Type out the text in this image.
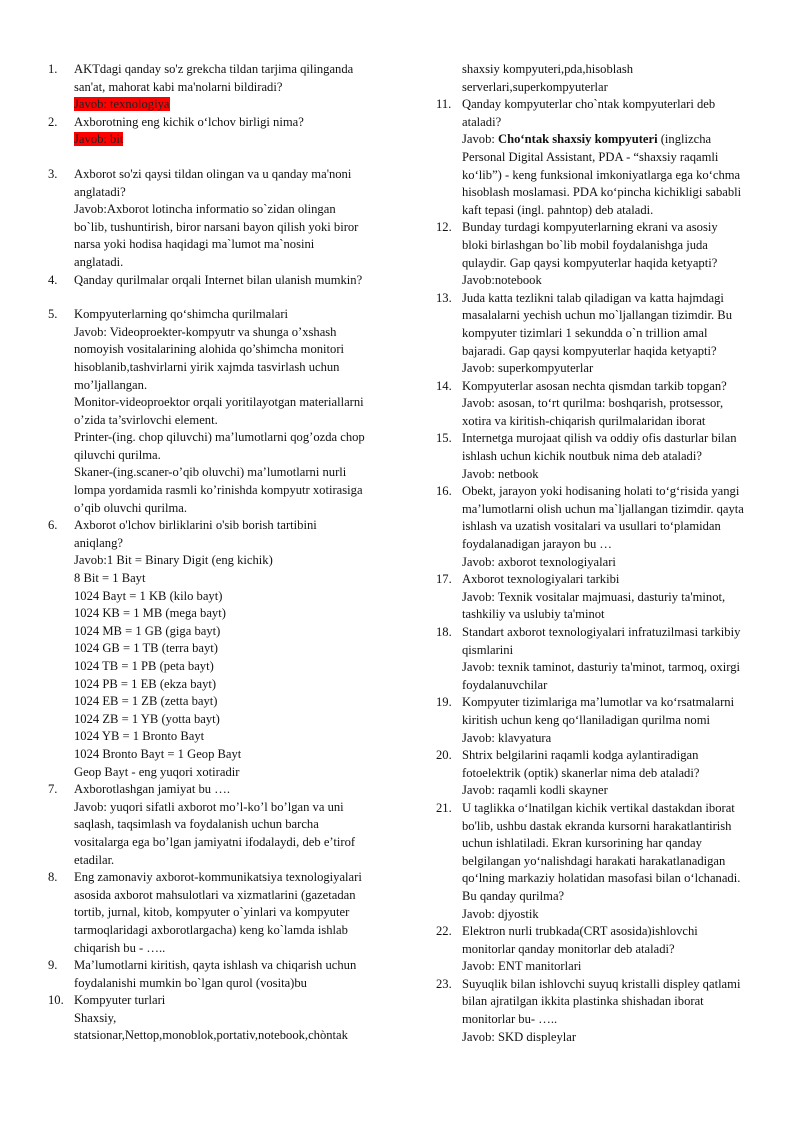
1.	AKTdagi qanday so'z grekcha tildan tarjima qilinganda
san'at, mahorat kabi ma'nolarni bildiradi?
Javob: texnologiya
2.	Axborotning eng kichik o‘lchov birligi nima?
Javob: bit
3.	Axborot so'zi qaysi tildan olingan va u qanday ma'noni
anglatadi?
Javob:Axborot lotincha informatio so`zidan olingan
bo`lib, tushuntirish, biror narsani bayon qilish yoki biror
narsa yoki hodisa haqidagi ma`lumot ma`nosini
anglatadi.
4.	Qanday qurilmalar orqali Internet bilan ulanish mumkin?
5.	Kompyuterlarning qo‘shimcha qurilmalari
Javob: Videoproekter-kompyutr va shunga o’xshash
nomoyish vositalarining alohida qo’shimcha monitori
hisoblanib,tashvirlarni yirik xajmda tasvirlash uchun
mo’ljallangan.
Monitor-videoproektor orqali yoritilayotgan materiallarni
o’zida ta’svirlovchi element.
Printer-(ing. chop qiluvchi) ma’lumotlarni qog’ozda chop
qiluvchi qurilma.
Skaner-(ing.scaner-o’qib oluvchi) ma’lumotlarni nurli
lompa yordamida rasmli ko’rinishda kompyutr xotirasiga
o’qib oluvchi qurilma.
6.	Axborot o'lchov birliklarini o'sib borish tartibini
aniqlang?
Javob:1 Bit = Binary Digit (eng kichik)
8 Bit = 1 Bayt
1024 Bayt = 1 KB (kilo bayt)
1024 KB = 1 MB (mega bayt)
1024 MB = 1 GB (giga bayt)
1024 GB = 1 TB (terra bayt)
1024 TB = 1 PB (peta bayt)
1024 PB = 1 EB (ekza bayt)
1024 EB = 1 ZB (zetta bayt)
1024 ZB = 1 YB (yotta bayt)
1024 YB = 1 Bronto Bayt
1024 Bronto Bayt = 1 Geop Bayt
Geop Bayt - eng yuqori xotiradir
7.	Axborotlashgan jamiyat bu ….
Javob: yuqori sifatli axborot mo’l-ko’l bo’lgan va uni
saqlash, taqsimlash va foydalanish uchun barcha
vositalarga ega bo’lgan jamiyatni ifodalaydi, deb e’tirof
etadilar.
8.	Eng zamonaviy axborot-kommunikatsiya texnologiyalari
asosida axborot mahsulotlari va xizmatlarini (gazetadan
tortib, jurnal, kitob, kompyuter o`yinlari va kompyuter
tarmoqlaridagi axborotlargacha) keng ko`lamda ishlab
chiqarish bu - …..
9.	Ma’lumotlarni kiritish, qayta ishlash va chiqarish uchun
foydalanishi mumkin bo`lgan qurol (vosita)bu
10. Kompyuter turlari
Shaxsiy,
statsionar,Nettop,monoblok,portativ,notebook,chòntak
shaxsiy kompyuteri,pda,hisoblash
serverlari,superkompyuterlar
11. Qanday kompyuterlar cho`ntak kompyuterlari deb
ataladi?
Javob: Cho‘ntak shaxsiy kompyuteri (inglizcha
Personal Digital Assistant, PDA - “shaxsiy raqamli
ko‘lib”) - keng funksional imkoniyatlarga ega ko‘chma
hisoblash moslamasi. PDA ko‘pincha kichikligi sababli
kaft tepasi (ingl. pahntop) deb ataladi.
12. Bunday turdagi kompyuterlarning ekrani va asosiy
bloki birlashgan bo`lib mobil foydalanishga juda
qulaydir. Gap qaysi kompyuterlar haqida ketyapti?
Javob:notebook
13. Juda katta tezlikni talab qiladigan va katta hajmdagi
masalalarni yechish uchun mo`ljallangan tizimdir. Bu
kompyuter tizimlari 1 sekundda o`n trillion amal
bajaradi. Gap qaysi kompyuterlar haqida ketyapti?
Javob: superkompyuterlar
14. Kompyuterlar asosan nechta qismdan tarkib topgan?
Javob: asosan, to‘rt qurilma: boshqarish, protsessor,
xotira va kiritish-chiqarish qurilmalaridan iborat
15. Internetga murojaat qilish va oddiy ofis dasturlar bilan
ishlash uchun kichik noutbuk nima deb ataladi?
Javob: netbook
16. Obekt, jarayon yoki hodisaning holati to‘g‘risida yangi
ma’lumotlarni olish uchun ma`ljallangan tizimdir. qayta
ishlash va uzatish vositalari va usullari to‘plamidan
foydalanadigan jarayon bu …
Javob: axborot texnologiyalari
17. Axborot texnologiyalari tarkibi
Javob: Texnik vositalar majmuasi, dasturiy ta'minot,
tashkiliy va uslubiy ta'minot
18. Standart axborot texnologiyalari infratuzilmasi tarkibiy
qismlarini
Javob: texnik taminot, dasturiy ta'minot, tarmoq, oxirgi
foydalanuvchilar
19. Kompyuter tizimlariga ma’lumotlar va ko‘rsatmalarni
kiritish uchun keng qo‘llaniladigan qurilma nomi
Javob: klavyatura
20. Shtrix belgilarini raqamli kodga aylantiradigan
fotoelektrik (optik) skanerlar nima deb ataladi?
Javob: raqamli kodli skayner
21. U taglikka o‘lnatilgan kichik vertikal dastakdan iborat
bo'lib, ushbu dastak ekranda kursorni harakatlantirish
uchun ishlatiladi. Ekran kursorining har qanday
belgilangan yo‘nalishdagi harakati harakatlanadigan
qo‘lning markaziy holatidan masofasi bilan o‘lchanadi.
Bu qanday qurilma?
Javob: djyostik
22. Elektron nurli trubkada(CRT asosida)ishlovchi
monitorlar qanday monitorlar deb ataladi?
Javob: ENT manitorlari
23. Suyuqlik bilan ishlovchi suyuq kristalli displey qatlami
bilan ajratilgan ikkita plastinka shishadan iborat
monitorlar bu- …..
Javob: SKD displeylar
